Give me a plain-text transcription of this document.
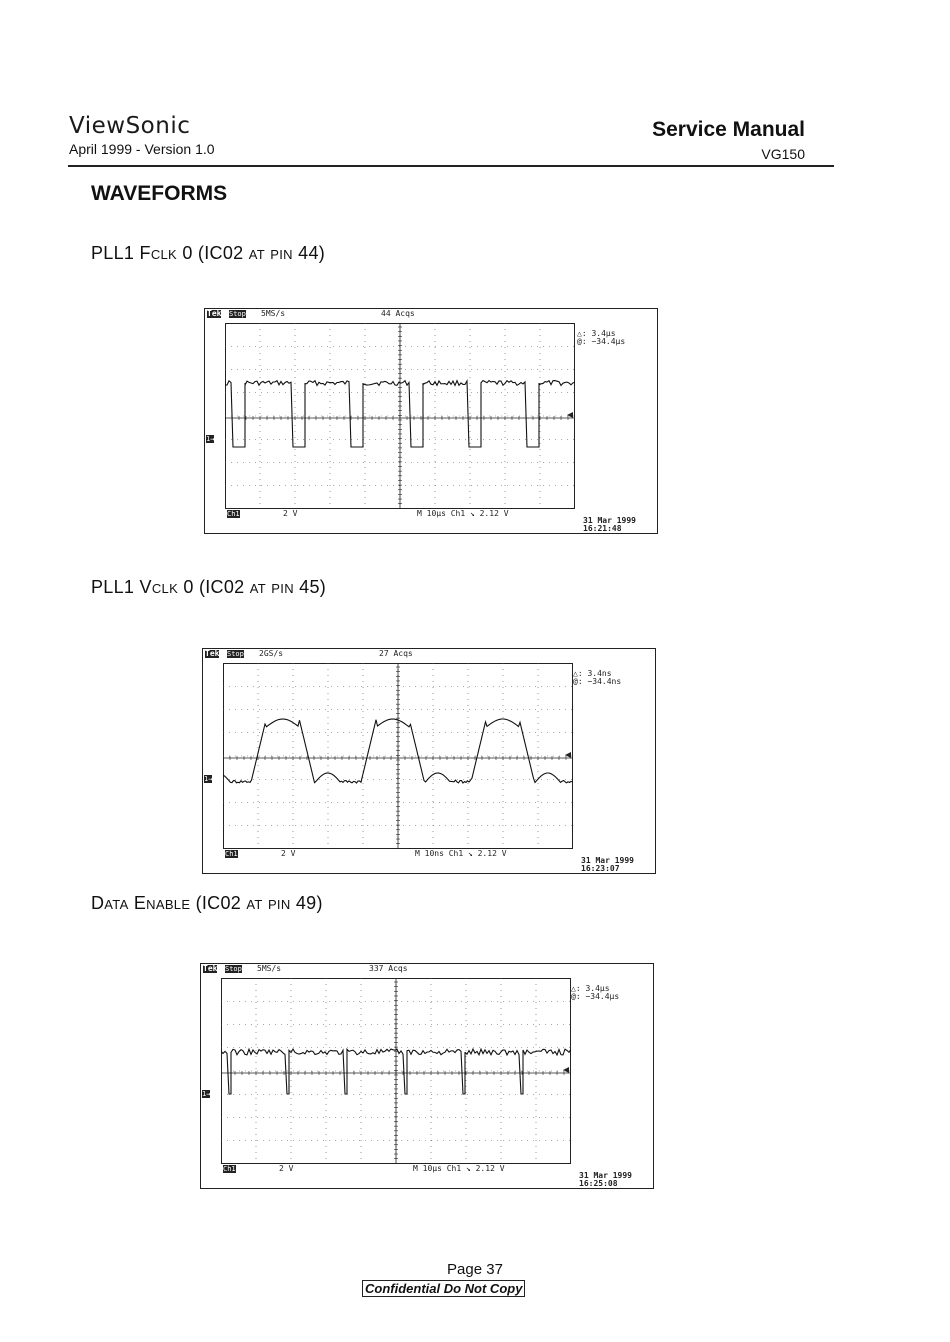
ViewSonic
April 1999 - Version 1.0
Service Manual
VG150
WAVEFORMS
PLL1 Fclk 0 (IC02 at pin 44)
Tek Stop 5MS/s	44 Acqs
△: 3.4µs
@: −34.4µs
1→
Ch1	2 V	M 10µs Ch1 ↘ 2.12 V
31 Mar 1999
16:21:48
PLL1 Vclk 0 (IC02 at pin 45)
Tek Stop 2GS/s	27 Acqs
△: 3.4ns
@: −34.4ns
1→
Ch1	2 V	M 10ns Ch1 ↘ 2.12 V
31 Mar 1999
16:23:07
Data Enable (IC02 at pin 49)
Tek Stop 5MS/s	337 Acqs
△: 3.4µs
@: −34.4µs
1→
Ch1	2 V	M 10µs Ch1 ↘ 2.12 V
31 Mar 1999
16:25:08
Page 37
Confidential Do Not Copy
